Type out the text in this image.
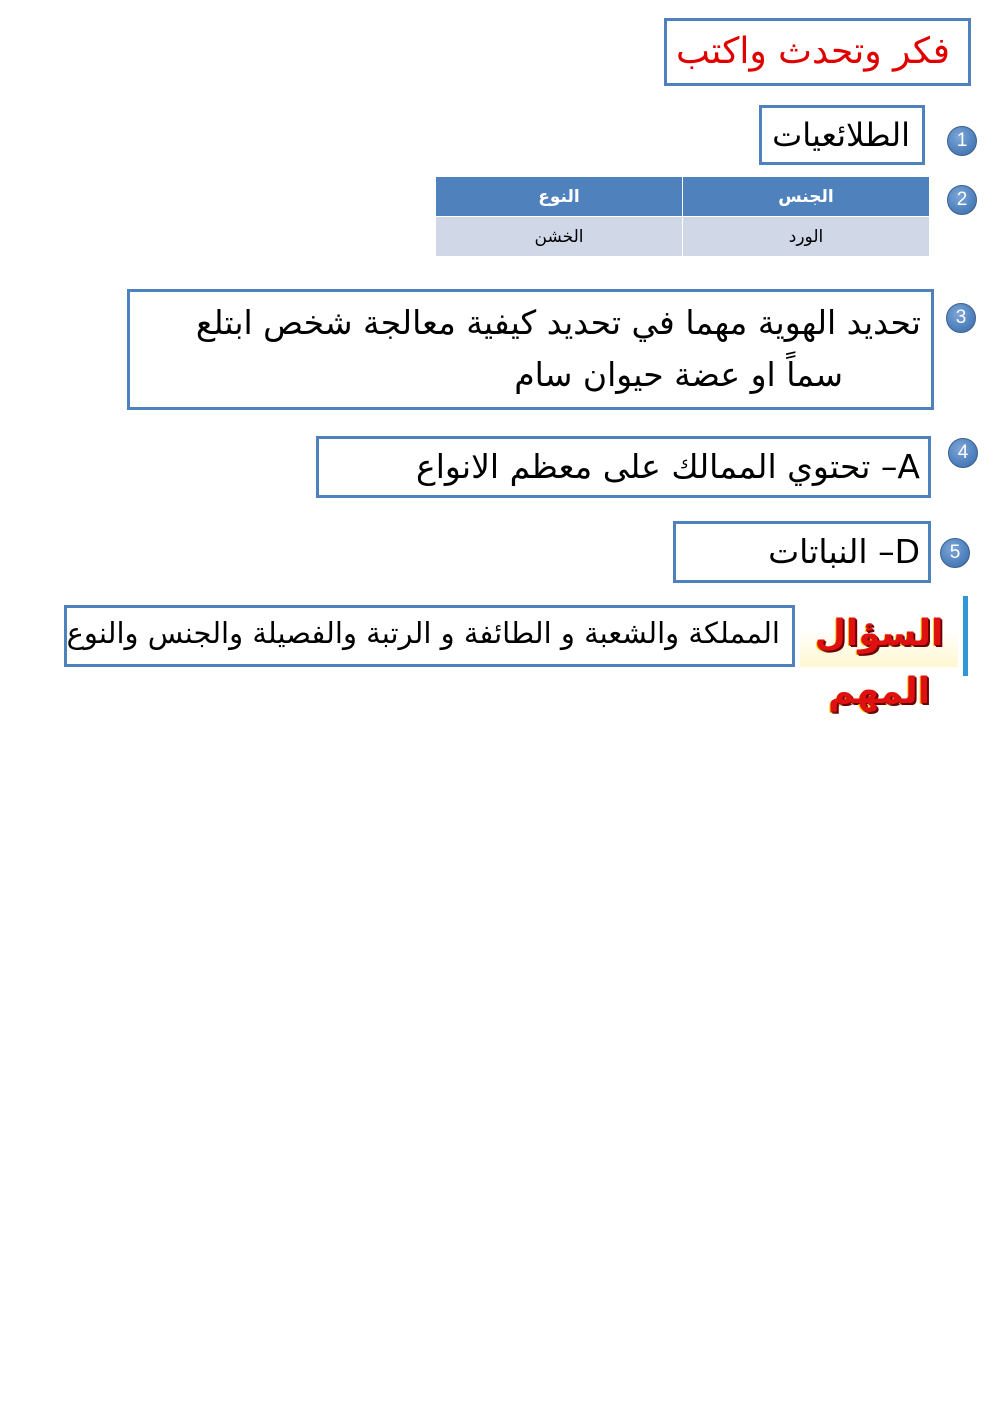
فكر وتحدث واكتب
1
الطلائعيات
2
الجنس	النوع
الورد	الخشن
3
تحديد الهوية مهما في تحديد كيفية معالجة شخص ابتلع
سماً او عضة حيوان سام
4
A– تحتوي الممالك على معظم الانواع
5
D– النباتات
السؤال المهم
المملكة والشعبة و الطائفة و الرتبة والفصيلة والجنس والنوع
